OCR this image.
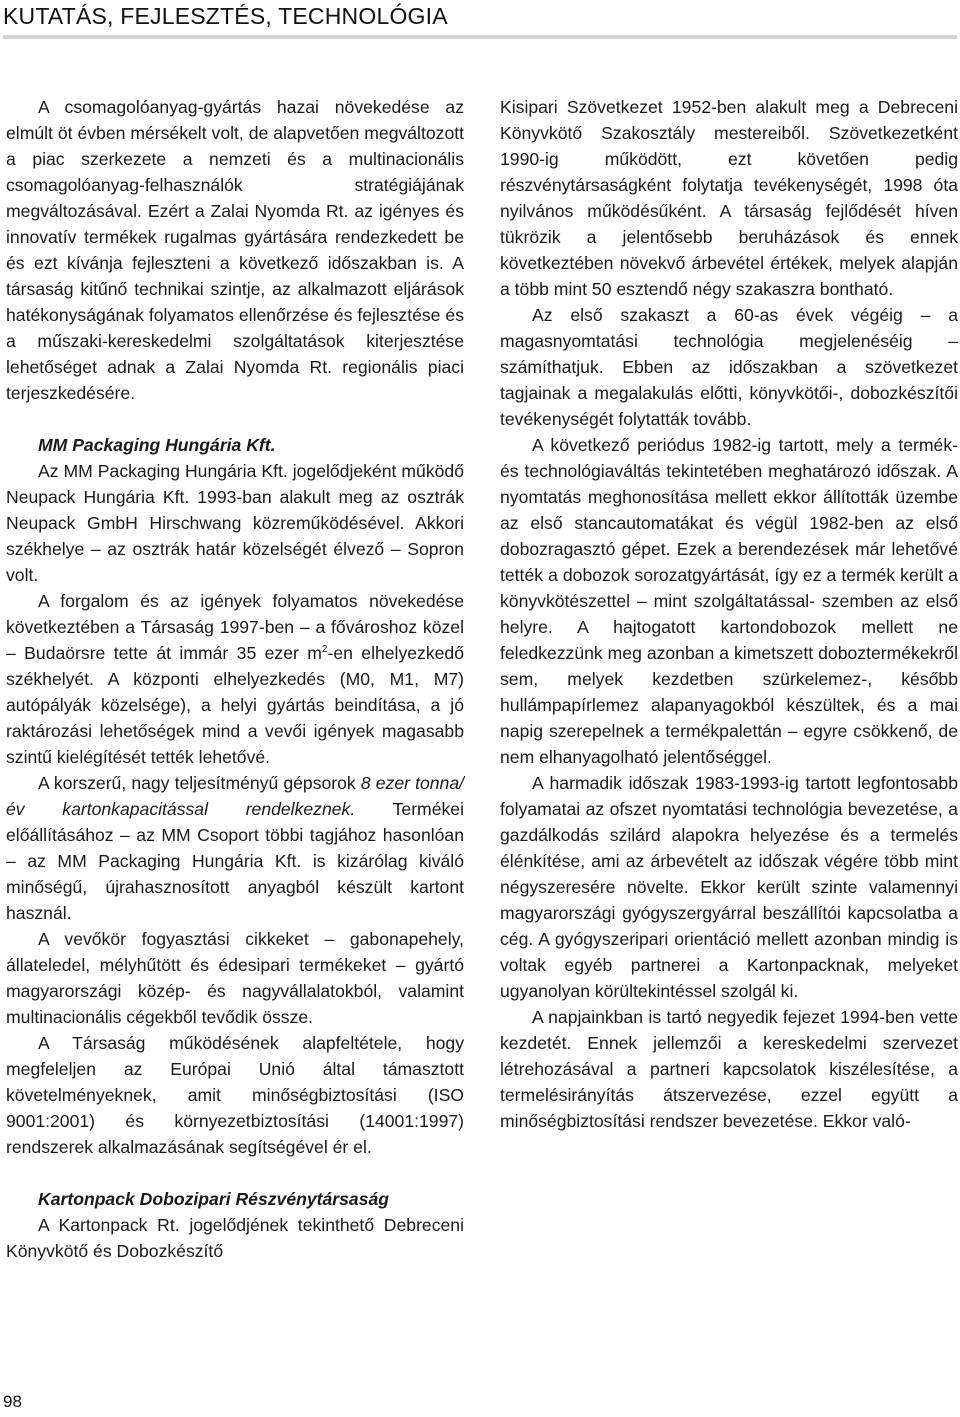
KUTATÁS, FEJLESZTÉS, TECHNOLÓGIA

A csomagolóanyag-gyártás hazai növekedése az elmúlt öt évben mérsékelt volt, de alapvetően megváltozott a piac szerkezete a nemzeti és a multinacionális csomagolóanyag-felhasználók stratégiájának megváltozásával. Ezért a Zalai Nyomda Rt. az igényes és innovatív termékek rugalmas gyártására rendezkedett be és ezt kívánja fejleszteni a következő időszakban is. A társaság kitűnő technikai szintje, az alkalmazott eljárások hatékonyságának folyamatos ellenőrzése és fejlesztése és a műszaki-kereskedelmi szolgáltatások kiterjesztése lehetőséget adnak a Zalai Nyomda Rt. regionális piaci terjeszkedésére.

MM Packaging Hungária Kft.

Az MM Packaging Hungária Kft. jogelődjeként működő Neupack Hungária Kft. 1993-ban alakult meg az osztrák Neupack GmbH Hirschwang közreműködésével. Akkori székhelye – az osztrák határ közelségét élvező – Sopron volt.

A forgalom és az igények folyamatos növekedése következtében a Társaság 1997-ben – a fővároshoz közel – Budaörsre tette át immár 35 ezer $m^2-en$ elhelyezkedő székhelyét. A központi elhelyezkedés (M0, M1, M7) autópályák közelsége), a helyi gyártás beindítása, a jó raktározási lehetőségek mind a vevői igények magasabb szintű kielégítését tették lehetővé.

A korszerű, nagy teljesítményű gépsorok 8 ezer tonna/év kartonkapacitással rendelkeznek. Termékei előállításához – az MM Csoport többi tagjához hasonlóan – az MM Packaging Hungária Kft. is kizárólag kiváló minőségű, újrahasznosított anyagból készült kartont használ.

A vevőkör fogyasztási cikkeket – gabonapehely, állateledel, mélyhűtött és édesipari termékeket – gyártó magyarországi közép- és nagyvállalatokból, valamint multinacionális cégekből tevődik össze.

A Társaság működésének alapfeltétele, hogy megfeleljen az Európai Unió által támasztott követelményeknek, amit minőségbiztosítási (ISO 9001:2001) és környezetbiztosítási (14001:1997) rendszerek alkalmazásának segítségével ér el.

Kartonpack Dobozipari Részvénytársaság

A Kartonpack Rt. jogelődjének tekinthető Debreceni Könyvkötő és Dobozkészítő

Kisipari Szövetkezet 1952-ben alakult meg a Debreceni Könyvkötő Szakosztály mestereiből. Szövetkezetként 1990-ig működött, ezt követően pedig részvénytársaságként folytatja tevékenységét, 1998 óta nyilvános működésűként. A társaság fejlődését híven tükrözik a jelentősebb beruházások és ennek következtében növekvő árbevétel értékek, melyek alapján a több mint 50 esztendő négy szakaszra bontható.

Az első szakaszt a 60-as évek végéig – a magasnyomtatási technológia megjelenéséig – számíthatjuk. Ebben az időszakban a szövetkezet tagjainak a megalakulás előtti, könyvkötői-, dobozkészítői tevékenységét folytatták tovább.

A következő periódus 1982-ig tartott, mely a termék- és technológiaváltás tekintetében meghatározó időszak. A nyomtatás meghonosítása mellett ekkor állították üzembe az első stancautomatákat és végül 1982-ben az első dobozragasztó gépet. Ezek a berendezések már lehetővé tették a dobozok sorozatgyártását, így ez a termék került a könyvkötészettel – mint szolgáltatással- szemben az első helyre. A hajtogatott kartondobozok mellett ne feledkezzünk meg azonban a kimetszett doboztermékekről sem, melyek kezdetben szürkelemez-, később hullámpapírlemez alapanyagokból készültek, és a mai napig szerepelnek a termékpalettán – egyre csökkenő, de nem elhanyagolható jelentőséggel.

A harmadik időszak 1983-1993-ig tartott legfontosabb folyamatai az ofszet nyomtatási technológia bevezetése, a gazdálkodás szilárd alapokra helyezése és a termelés élénkítése, ami az árbevételt az időszak végére több mint négyszeresére növelte. Ekkor került szinte valamennyi magyarországi gyógyszergyárral beszállítói kapcsolatba a cég. A gyógyszeripari orientáció mellett azonban mindig is voltak egyéb partnerei a Kartonpacknak, melyeket ugyanolyan körültekintéssel szolgál ki.

A napjainkban is tartó negyedik fejezet 1994-ben vette kezdetét. Ennek jellemzői a kereskedelmi szervezet létrehozásával a partneri kapcsolatok kiszélesítése, a termelésirányítás átszervezése, ezzel együtt a minőségbiztosítási rendszer bevezetése. Ekkor való-

98
